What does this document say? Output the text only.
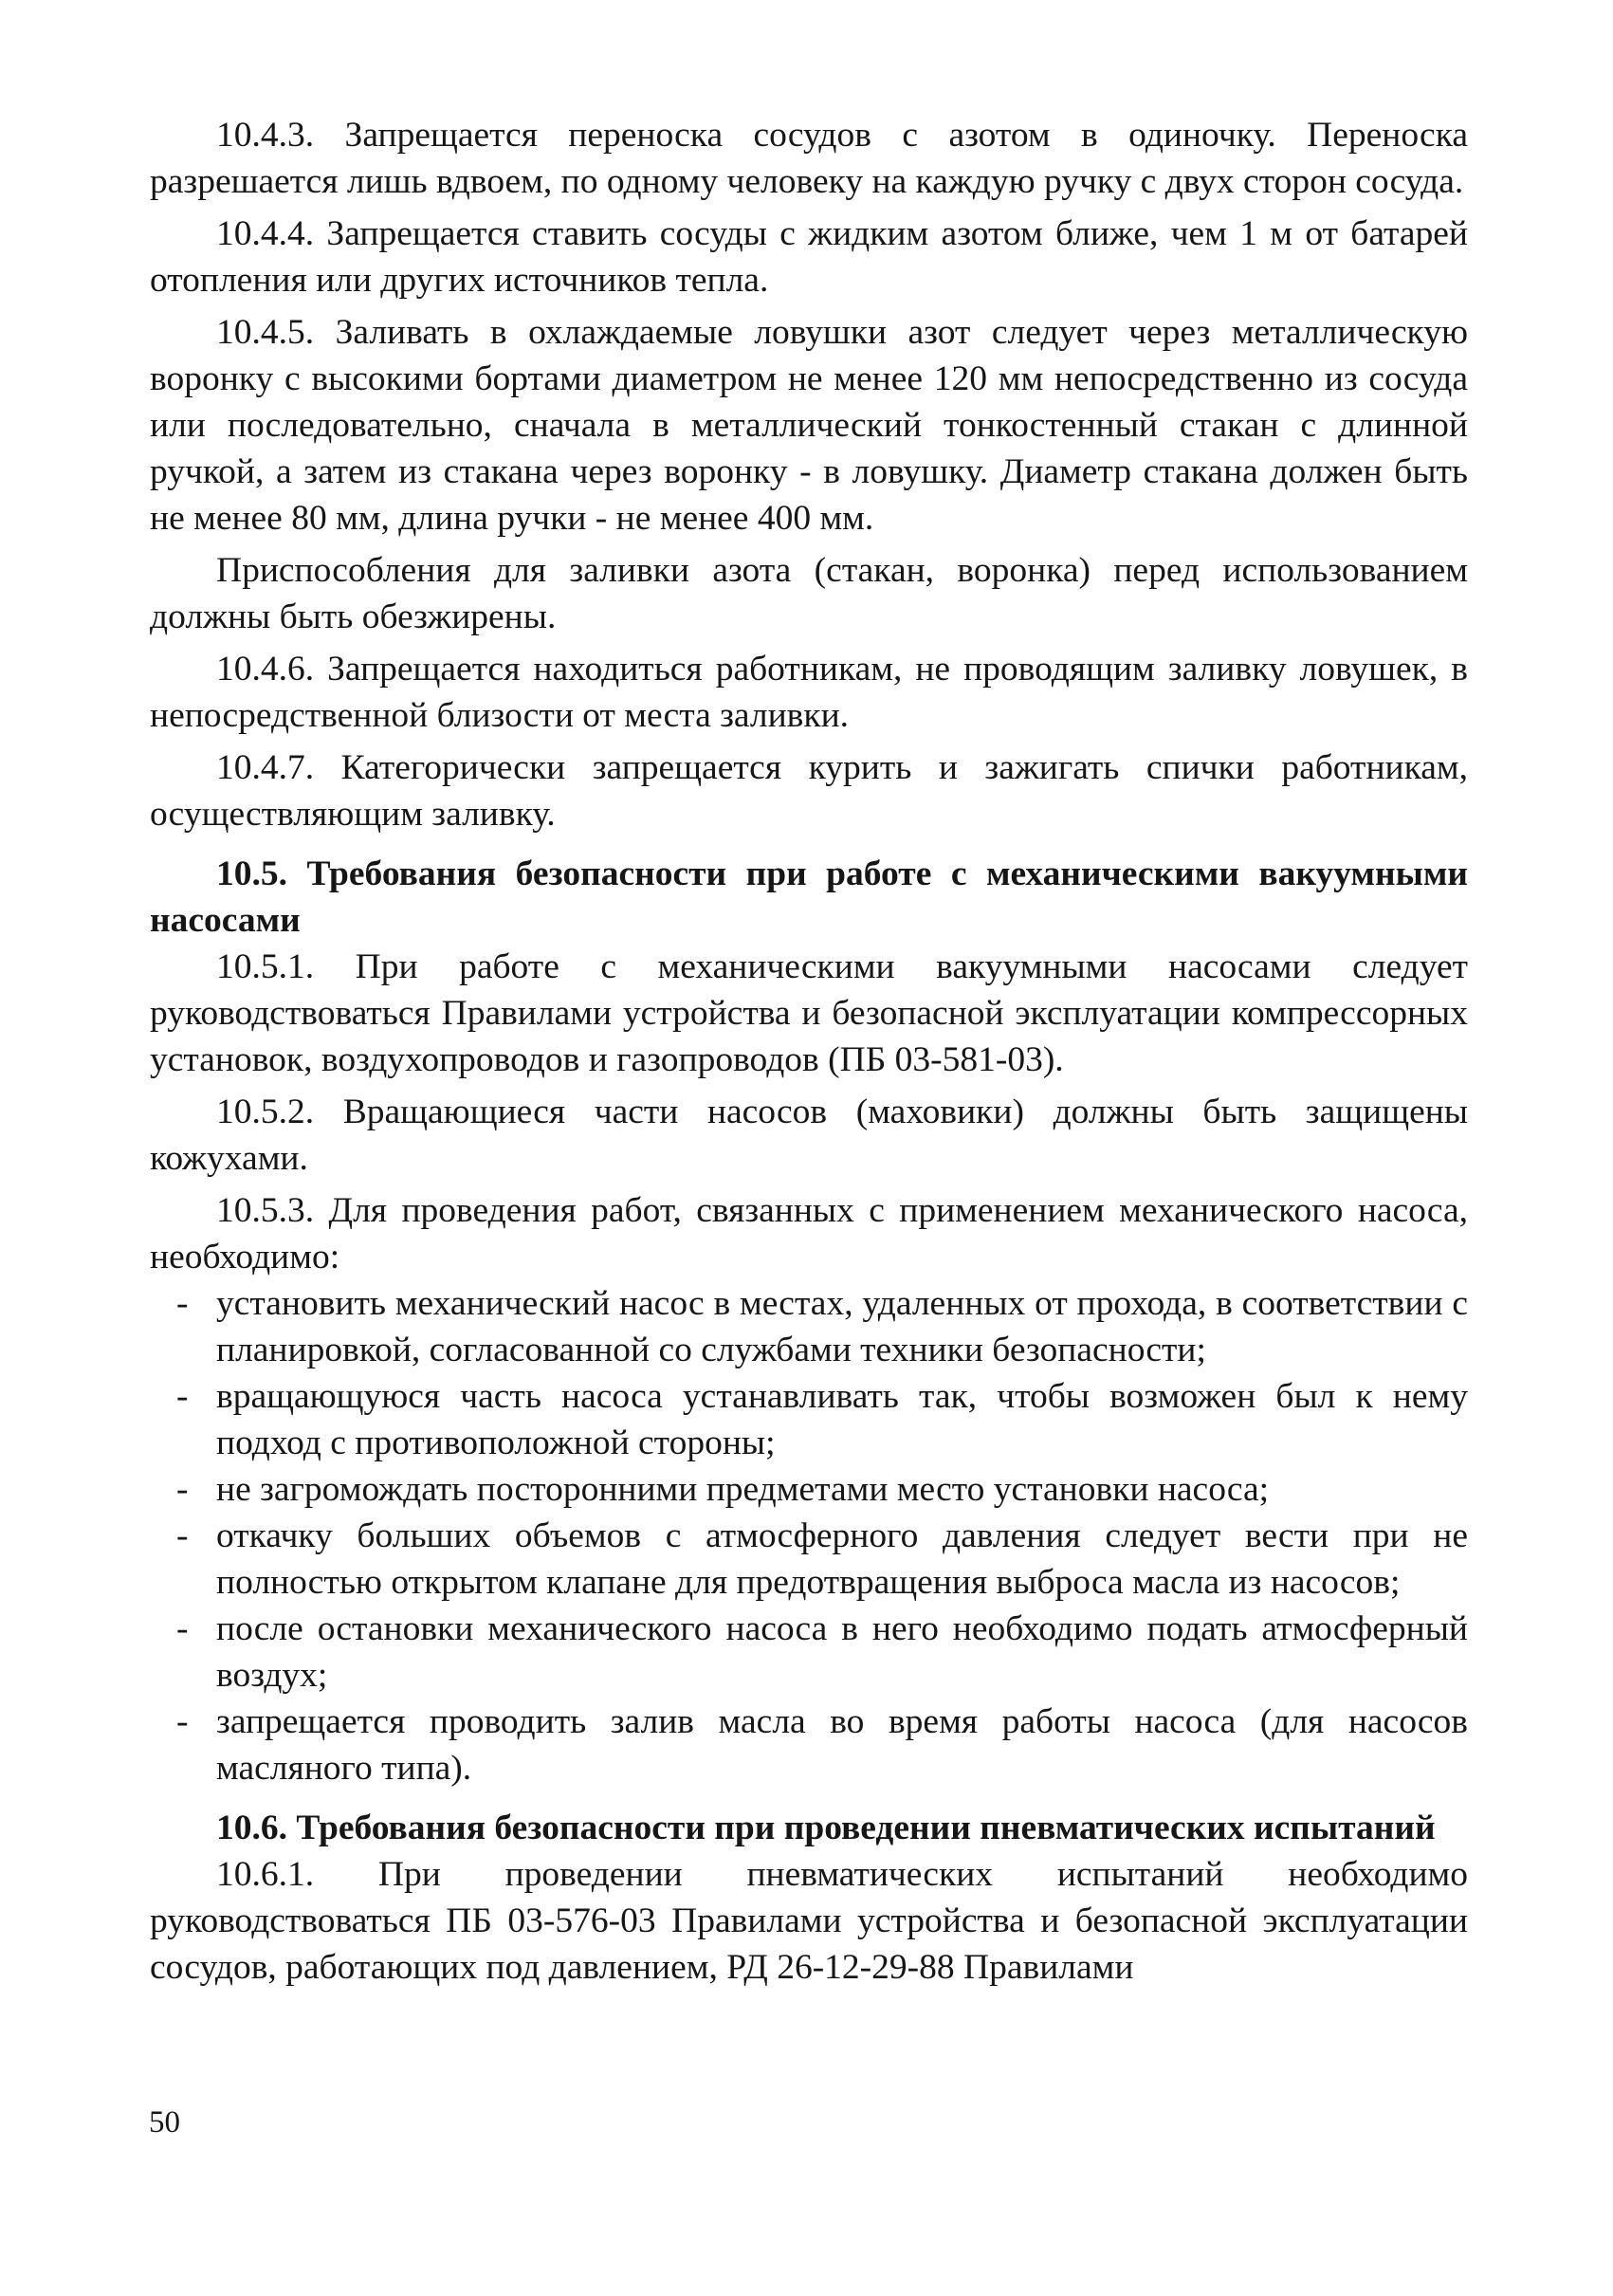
10.4.3. Запрещается переноска сосудов с азотом в одиночку. Переноска разрешается лишь вдвоем, по одному человеку на каждую ручку с двух сторон сосуда.

10.4.4. Запрещается ставить сосуды с жидким азотом ближе, чем 1 м от батарей отопления или других источников тепла.

10.4.5. Заливать в охлаждаемые ловушки азот следует через металлическую воронку с высокими бортами диаметром не менее 120 мм непосредственно из сосуда или последовательно, сначала в металлический тонкостенный стакан с длинной ручкой, а затем из стакана через воронку - в ловушку. Диаметр стакана должен быть не менее 80 мм, длина ручки - не менее 400 мм.

Приспособления для заливки азота (стакан, воронка) перед использованием должны быть обезжирены.

10.4.6. Запрещается находиться работникам, не проводящим заливку ловушек, в непосредственной близости от места заливки.

10.4.7. Категорически запрещается курить и зажигать спички работникам, осуществляющим заливку.

10.5. Требования безопасности при работе с механическими вакуумными насосами

10.5.1. При работе с механическими вакуумными насосами следует руководствоваться Правилами устройства и безопасной эксплуатации компрессорных установок, воздухопроводов и газопроводов (ПБ 03-581-03).

10.5.2. Вращающиеся части насосов (маховики) должны быть защищены кожухами.

10.5.3. Для проведения работ, связанных с применением механического насоса, необходимо:

- установить механический насос в местах, удаленных от прохода, в соответствии с планировкой, согласованной со службами техники безопасности;
- вращающуюся часть насоса устанавливать так, чтобы возможен был к нему подход с противоположной стороны;
- не загромождать посторонними предметами место установки насоса;
- откачку больших объемов с атмосферного давления следует вести при не полностью открытом клапане для предотвращения выброса масла из насосов;
- после остановки механического насоса в него необходимо подать атмосферный воздух;
- запрещается проводить залив масла во время работы насоса (для насосов масляного типа).
10.6. Требования безопасности при проведении пневматических испытаний

10.6.1. При проведении пневматических испытаний необходимо руководствоваться ПБ 03-576-03 Правилами устройства и безопасной эксплуатации сосудов, работающих под давлением, РД 26-12-29-88 Правилами

50
